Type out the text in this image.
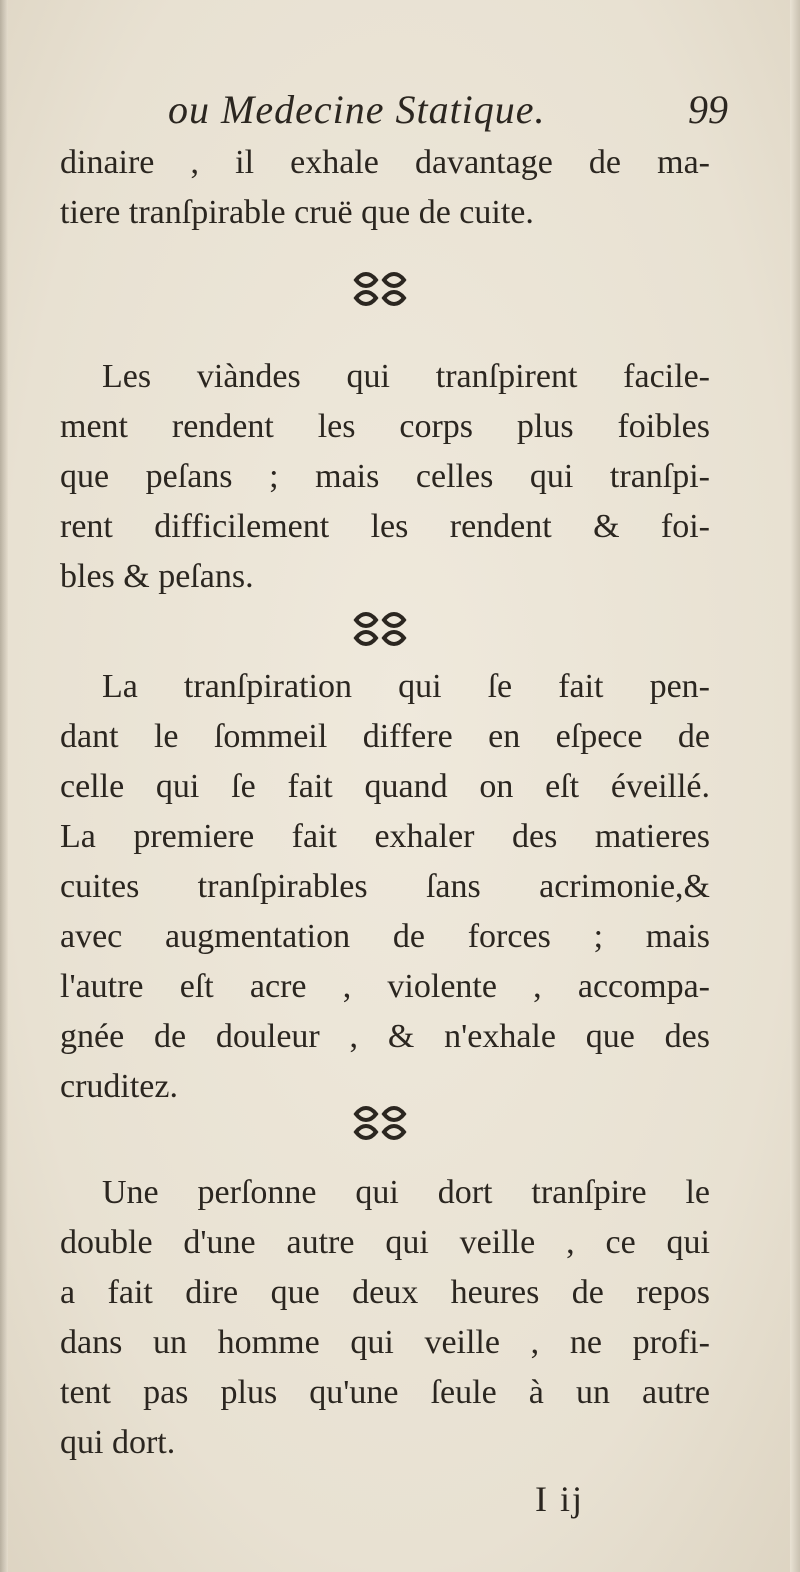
ou Medecine Statique.	99
dinaire , il exhale davantage de ma-
tiere tranſpirable cruë que de cuite.
Les viàndes qui tranſpirent facile-
ment rendent les corps plus foibles
que peſans ; mais celles qui tranſpi-
rent difficilement les rendent & foi-
bles & peſans.
La tranſpiration qui ſe fait pen-
dant le ſommeil differe en eſpece de
celle qui ſe fait quand on eſt éveillé.
La premiere fait exhaler des matieres
cuites tranſpirables ſans acrimonie,&
avec augmentation de forces ; mais
l'autre eſt acre , violente , accompa-
gnée de douleur , & n'exhale que des
cruditez.
Une perſonne qui dort tranſpire le
double d'une autre qui veille , ce qui
a fait dire que deux heures de repos
dans un homme qui veille , ne profi-
tent pas plus qu'une ſeule à un autre
qui dort.
I ij
